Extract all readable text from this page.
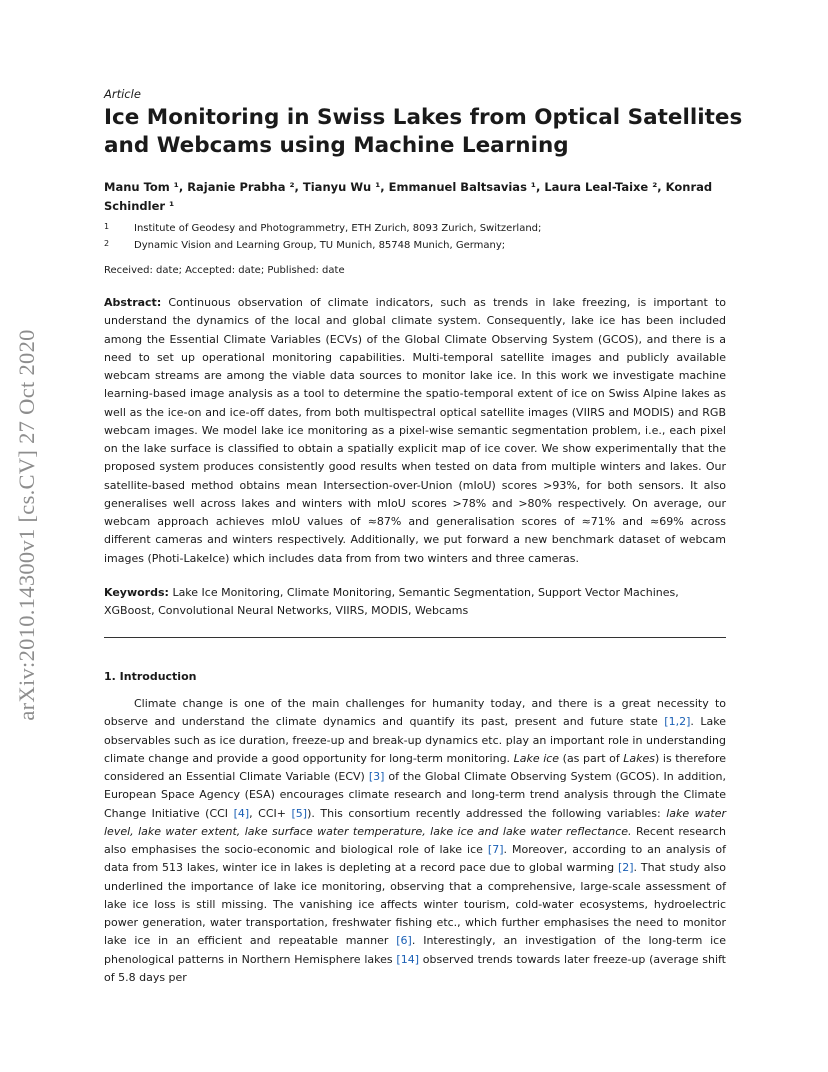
arXiv:2010.14300v1 [cs.CV] 27 Oct 2020
Article
Ice Monitoring in Swiss Lakes from Optical Satellites and Webcams using Machine Learning
Manu Tom ¹, Rajanie Prabha ², Tianyu Wu ¹, Emmanuel Baltsavias ¹, Laura Leal-Taixe ², Konrad
Schindler ¹
1 Institute of Geodesy and Photogrammetry, ETH Zurich, 8093 Zurich, Switzerland;
2 Dynamic Vision and Learning Group, TU Munich, 85748 Munich, Germany;
Received: date; Accepted: date; Published: date

Abstract: Continuous observation of climate indicators, such as trends in lake freezing, is important to understand the dynamics of the local and global climate system. Consequently, lake ice has been included among the Essential Climate Variables (ECVs) of the Global Climate Observing System (GCOS), and there is a need to set up operational monitoring capabilities. Multi-temporal satellite images and publicly available webcam streams are among the viable data sources to monitor lake ice. In this work we investigate machine learning-based image analysis as a tool to determine the spatio-temporal extent of ice on Swiss Alpine lakes as well as the ice-on and ice-off dates, from both multispectral optical satellite images (VIIRS and MODIS) and RGB webcam images. We model lake ice monitoring as a pixel-wise semantic segmentation problem, i.e., each pixel on the lake surface is classified to obtain a spatially explicit map of ice cover. We show experimentally that the proposed system produces consistently good results when tested on data from multiple winters and lakes. Our satellite-based method obtains mean Intersection-over-Union (mIoU) scores >93%, for both sensors. It also generalises well across lakes and winters with mIoU scores >78% and >80% respectively. On average, our webcam approach achieves mIoU values of ≈87% and generalisation scores of ≈71% and ≈69% across different cameras and winters respectively. Additionally, we put forward a new benchmark dataset of webcam images (Photi-LakeIce) which includes data from from two winters and three cameras.

Keywords: Lake Ice Monitoring, Climate Monitoring, Semantic Segmentation, Support Vector Machines, XGBoost, Convolutional Neural Networks, VIIRS, MODIS, Webcams

1. Introduction

Climate change is one of the main challenges for humanity today, and there is a great necessity to observe and understand the climate dynamics and quantify its past, present and future state [1,2]. Lake observables such as ice duration, freeze-up and break-up dynamics etc. play an important role in understanding climate change and provide a good opportunity for long-term monitoring. Lake ice (as part of Lakes) is therefore considered an Essential Climate Variable (ECV) [3] of the Global Climate Observing System (GCOS). In addition, European Space Agency (ESA) encourages climate research and long-term trend analysis through the Climate Change Initiative (CCI [4], CCI+ [5]). This consortium recently addressed the following variables: lake water level, lake water extent, lake surface water temperature, lake ice and lake water reflectance. Recent research also emphasises the socio-economic and biological role of lake ice [7]. Moreover, according to an analysis of data from 513 lakes, winter ice in lakes is depleting at a record pace due to global warming [2]. That study also underlined the importance of lake ice monitoring, observing that a comprehensive, large-scale assessment of lake ice loss is still missing. The vanishing ice affects winter tourism, cold-water ecosystems, hydroelectric power generation, water transportation, freshwater fishing etc., which further emphasises the need to monitor lake ice in an efficient and repeatable manner [6]. Interestingly, an investigation of the long-term ice phenological patterns in Northern Hemisphere lakes [14] observed trends towards later freeze-up (average shift of 5.8 days per
